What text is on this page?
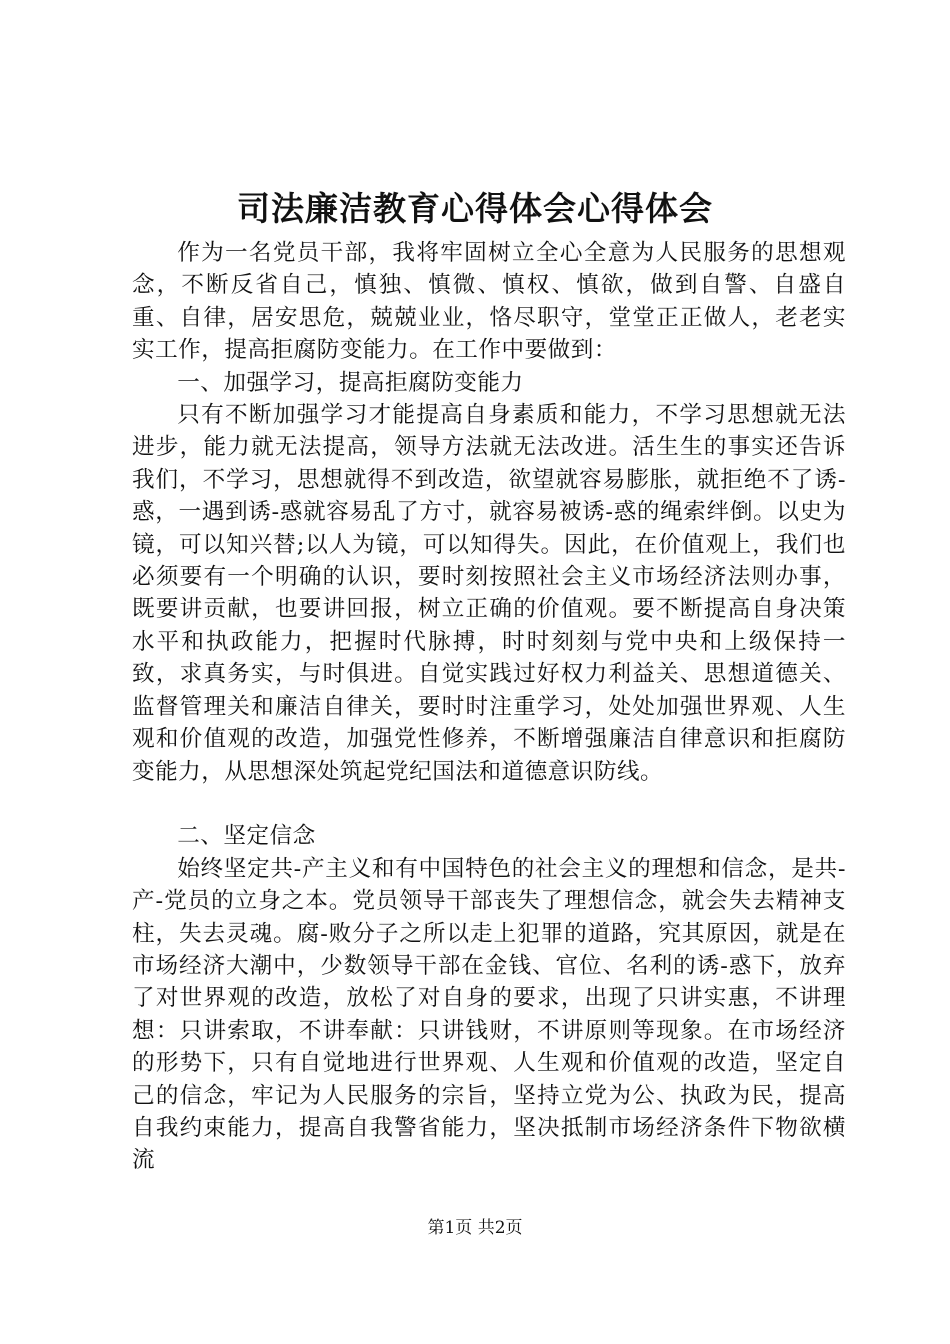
司法廉洁教育心得体会心得体会

作为一名党员干部，我将牢固树立全心全意为人民服务的思想观念，不断反省自己，慎独、慎微、慎权、慎欲，做到自警、自盛自重、自律，居安思危，兢兢业业，恪尽职守，堂堂正正做人，老老实实工作，提高拒腐防变能力。在工作中要做到：

一、加强学习，提高拒腐防变能力

只有不断加强学习才能提高自身素质和能力，不学习思想就无法进步，能力就无法提高，领导方法就无法改进。活生生的事实还告诉我们，不学习，思想就得不到改造，欲望就容易膨胀，就拒绝不了诱-惑，一遇到诱-惑就容易乱了方寸，就容易被诱-惑的绳索绊倒。以史为镜，可以知兴替;以人为镜，可以知得失。因此，在价值观上，我们也必须要有一个明确的认识，要时刻按照社会主义市场经济法则办事，既要讲贡献，也要讲回报，树立正确的价值观。要不断提高自身决策水平和执政能力，把握时代脉搏，时时刻刻与党中央和上级保持一致，求真务实，与时俱进。自觉实践过好权力利益关、思想道德关、监督管理关和廉洁自律关，要时时注重学习，处处加强世界观、人生观和价值观的改造，加强党性修养，不断增强廉洁自律意识和拒腐防变能力，从思想深处筑起党纪国法和道德意识防线。

二、坚定信念

始终坚定共-产主义和有中国特色的社会主义的理想和信念，是共-产-党员的立身之本。党员领导干部丧失了理想信念，就会失去精神支柱，失去灵魂。腐-败分子之所以走上犯罪的道路，究其原因，就是在市场经济大潮中，少数领导干部在金钱、官位、名利的诱-惑下，放弃了对世界观的改造，放松了对自身的要求，出现了只讲实惠，不讲理想：只讲索取，不讲奉献：只讲钱财，不讲原则等现象。在市场经济的形势下，只有自觉地进行世界观、人生观和价值观的改造，坚定自己的信念，牢记为人民服务的宗旨，坚持立党为公、执政为民，提高自我约束能力，提高自我警省能力，坚决抵制市场经济条件下物欲横流

第1页 共2页
